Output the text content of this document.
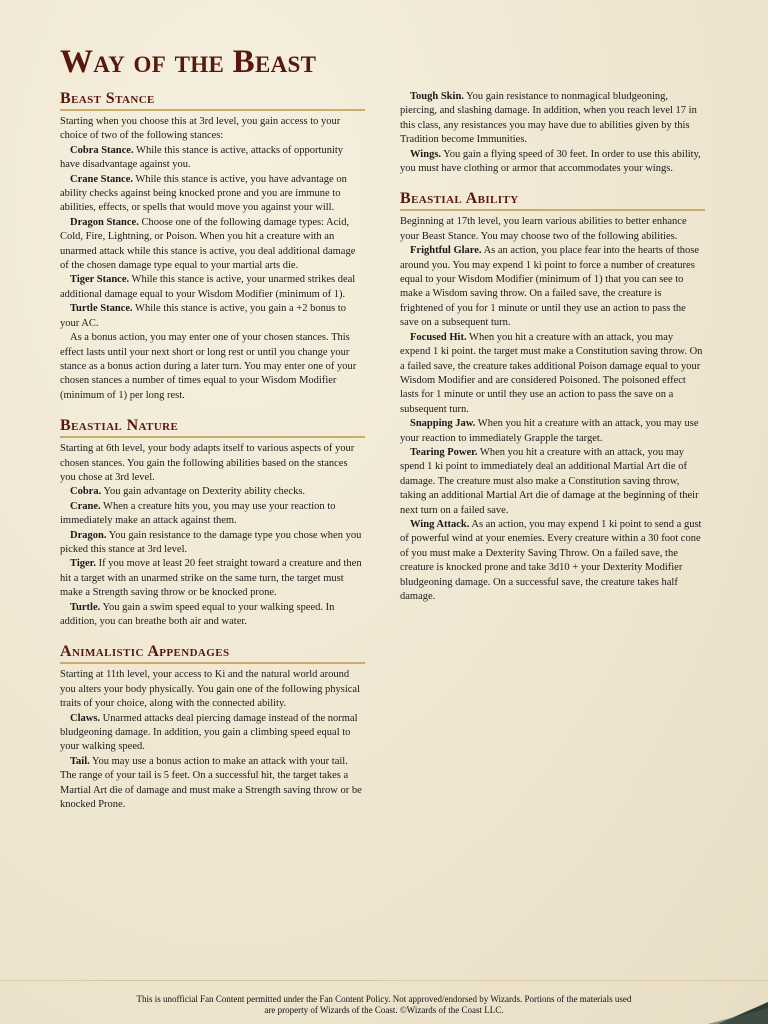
Way of the Beast
Beast Stance

Starting when you choose this at 3rd level, you gain access to your choice of two of the following stances:

Cobra Stance. While this stance is active, attacks of opportunity have disadvantage against you.

Crane Stance. While this stance is active, you have advantage on ability checks against being knocked prone and you are immune to abilities, effects, or spells that would move you against your will.

Dragon Stance. Choose one of the following damage types: Acid, Cold, Fire, Lightning, or Poison. When you hit a creature with an unarmed attack while this stance is active, you deal additional damage of the chosen damage type equal to your martial arts die.

Tiger Stance. While this stance is active, your unarmed strikes deal additional damage equal to your Wisdom Modifier (minimum of 1).

Turtle Stance. While this stance is active, you gain a +2 bonus to your AC.

As a bonus action, you may enter one of your chosen stances. This effect lasts until your next short or long rest or until you change your stance as a bonus action during a later turn. You may enter one of your chosen stances a number of times equal to your Wisdom Modifier (minimum of 1) per long rest.

Beastial Nature

Starting at 6th level, your body adapts itself to various aspects of your chosen stances. You gain the following abilities based on the stances you chose at 3rd level.

Cobra. You gain advantage on Dexterity ability checks.

Crane. When a creature hits you, you may use your reaction to immediately make an attack against them.

Dragon. You gain resistance to the damage type you chose when you picked this stance at 3rd level.

Tiger. If you move at least 20 feet straight toward a creature and then hit a target with an unarmed strike on the same turn, the target must make a Strength saving throw or be knocked prone.

Turtle. You gain a swim speed equal to your walking speed. In addition, you can breathe both air and water.

Animalistic Appendages

Starting at 11th level, your access to Ki and the natural world around you alters your body physically. You gain one of the following physical traits of your choice, along with the connected ability.

Claws. Unarmed attacks deal piercing damage instead of the normal bludgeoning damage. In addition, you gain a climbing speed equal to your walking speed.

Tail. You may use a bonus action to make an attack with your tail. The range of your tail is 5 feet. On a successful hit, the target takes a Martial Art die of damage and must make a Strength saving throw or be knocked Prone.

Tough Skin. You gain resistance to nonmagical bludgeoning, piercing, and slashing damage. In addition, when you reach level 17 in this class, any resistances you may have due to abilities given by this Tradition become Immunities.

Wings. You gain a flying speed of 30 feet. In order to use this ability, you must have clothing or armor that accommodates your wings.

Beastial Ability

Beginning at 17th level, you learn various abilities to better enhance your Beast Stance. You may choose two of the following abilities.

Frightful Glare. As an action, you place fear into the hearts of those around you. You may expend 1 ki point to force a number of creatures equal to your Wisdom Modifier (minimum of 1) that you can see to make a Wisdom saving throw. On a failed save, the creature is frightened of you for 1 minute or until they use an action to pass the save on a subsequent turn.

Focused Hit. When you hit a creature with an attack, you may expend 1 ki point. the target must make a Constitution saving throw. On a failed save, the creature takes additional Poison damage equal to your Wisdom Modifier and are considered Poisoned. The poisoned effect lasts for 1 minute or until they use an action to pass the save on a subsequent turn.

Snapping Jaw. When you hit a creature with an attack, you may use your reaction to immediately Grapple the target.

Tearing Power. When you hit a creature with an attack, you may spend 1 ki point to immediately deal an additional Martial Art die of damage. The creature must also make a Constitution saving throw, taking an additional Martial Art die of damage at the beginning of their next turn on a failed save.

Wing Attack. As an action, you may expend 1 ki point to send a gust of powerful wind at your enemies. Every creature within a 30 foot cone of you must make a Dexterity Saving Throw. On a failed save, the creature is knocked prone and take 3d10 + your Dexterity Modifier bludgeoning damage. On a successful save, the creature takes half damage.

This is unofficial Fan Content permitted under the Fan Content Policy. Not approved/endorsed by Wizards. Portions of the materials used
are property of Wizards of the Coast. ©Wizards of the Coast LLC.
